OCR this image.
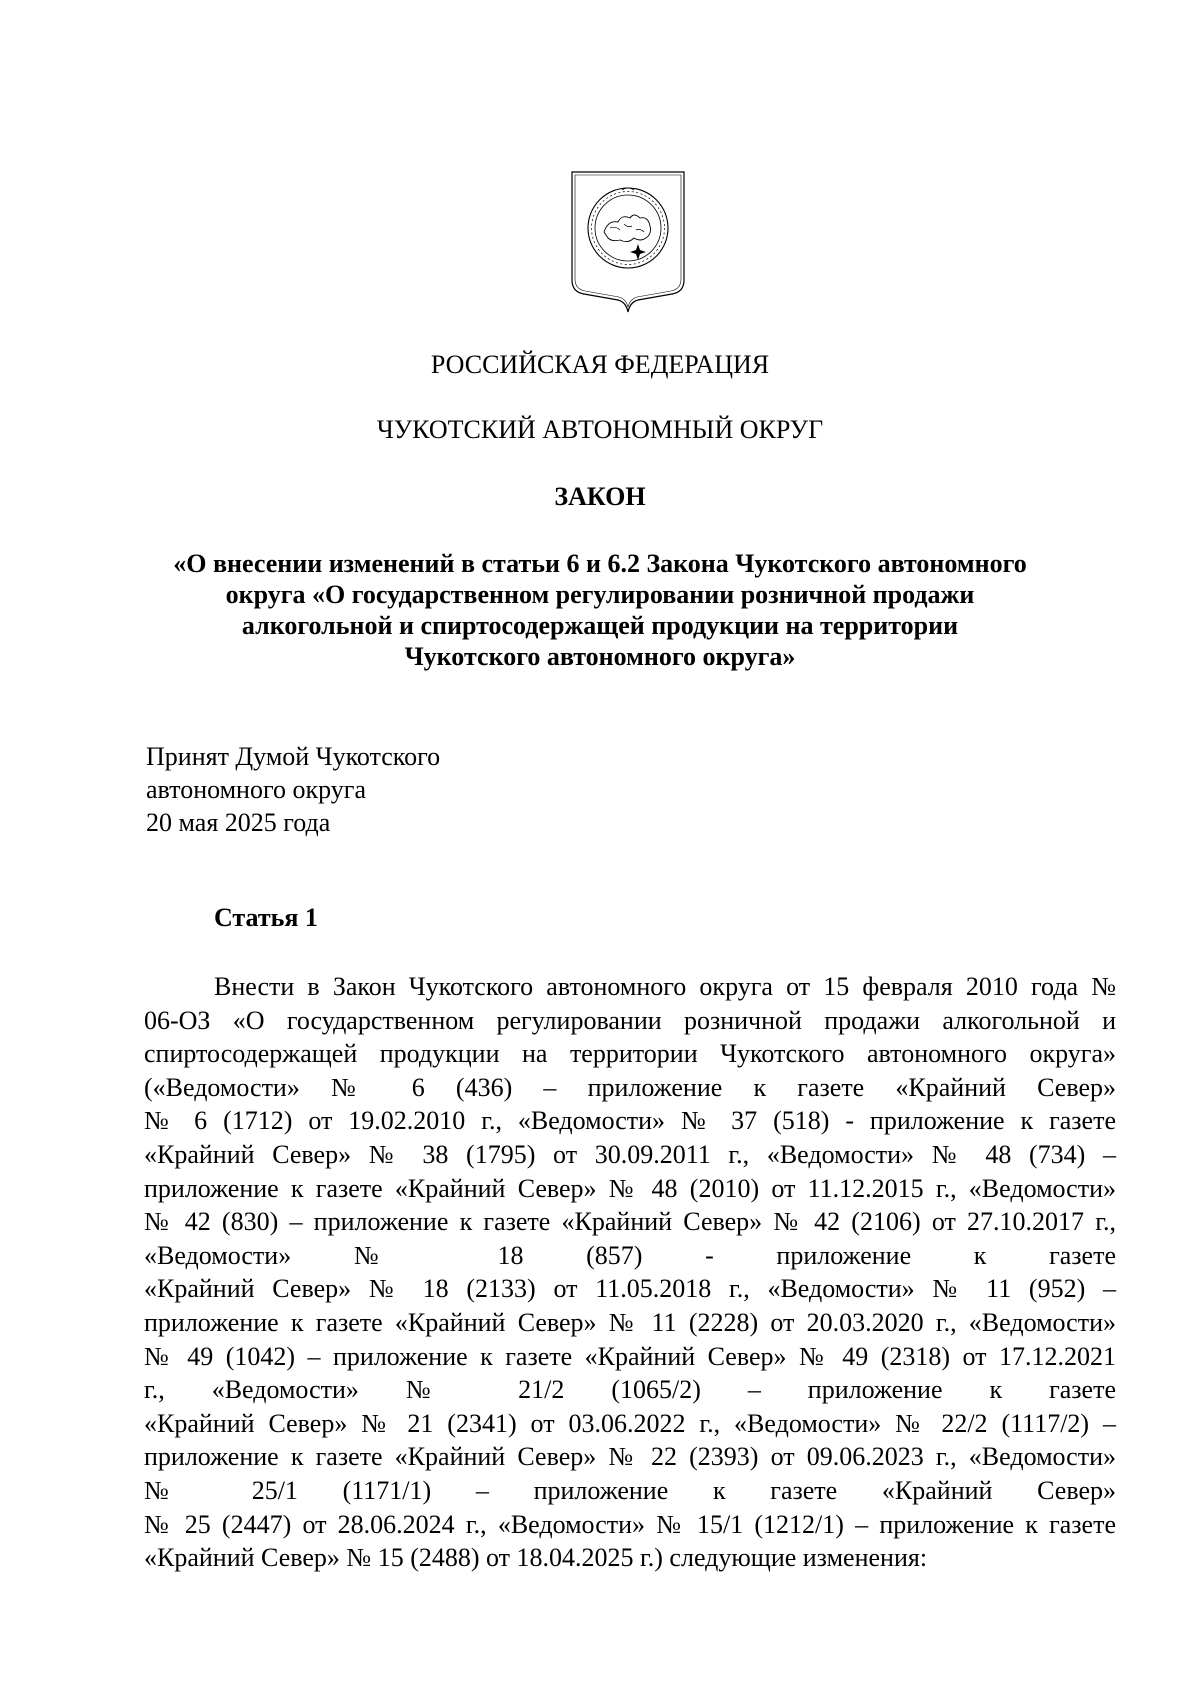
РОССИЙСКАЯ ФЕДЕРАЦИЯ
ЧУКОТСКИЙ АВТОНОМНЫЙ ОКРУГ
ЗАКОН
«О внесении изменений в статьи 6 и 6.2 Закона Чукотского автономного
округа «О государственном регулировании розничной продажи
алкогольной и спиртосодержащей продукции на территории
Чукотского автономного округа»
Принят Думой Чукотского
автономного округа
20 мая 2025 года
Статья 1
Внести в Закон Чукотского автономного округа от 15 февраля 2010 года №
06-ОЗ «О государственном регулировании розничной продажи алкогольной и
спиртосодержащей продукции на территории Чукотского автономного округа»
(«Ведомости» № 6 (436) – приложение к газете «Крайний Север»
№ 6 (1712) от 19.02.2010 г., «Ведомости» № 37 (518) - приложение к газете
«Крайний Север» № 38 (1795) от 30.09.2011 г., «Ведомости» № 48 (734) –
приложение к газете «Крайний Север» № 48 (2010) от 11.12.2015 г., «Ведомости»
№ 42 (830) – приложение к газете «Крайний Север» № 42 (2106) от 27.10.2017 г.,
«Ведомости» № 18 (857) - приложение к газете
«Крайний Север» № 18 (2133) от 11.05.2018 г., «Ведомости» № 11 (952) –
приложение к газете «Крайний Север» № 11 (2228) от 20.03.2020 г., «Ведомости»
№ 49 (1042) – приложение к газете «Крайний Север» № 49 (2318) от 17.12.2021
г., «Ведомости» № 21/2 (1065/2) – приложение к газете
«Крайний Север» № 21 (2341) от 03.06.2022 г., «Ведомости» № 22/2 (1117/2) –
приложение к газете «Крайний Север» № 22 (2393) от 09.06.2023 г., «Ведомости»
№ 25/1 (1171/1) – приложение к газете «Крайний Север»
№ 25 (2447) от 28.06.2024 г., «Ведомости» № 15/1 (1212/1) – приложение к газете
«Крайний Север» № 15 (2488) от 18.04.2025 г.) следующие изменения:
